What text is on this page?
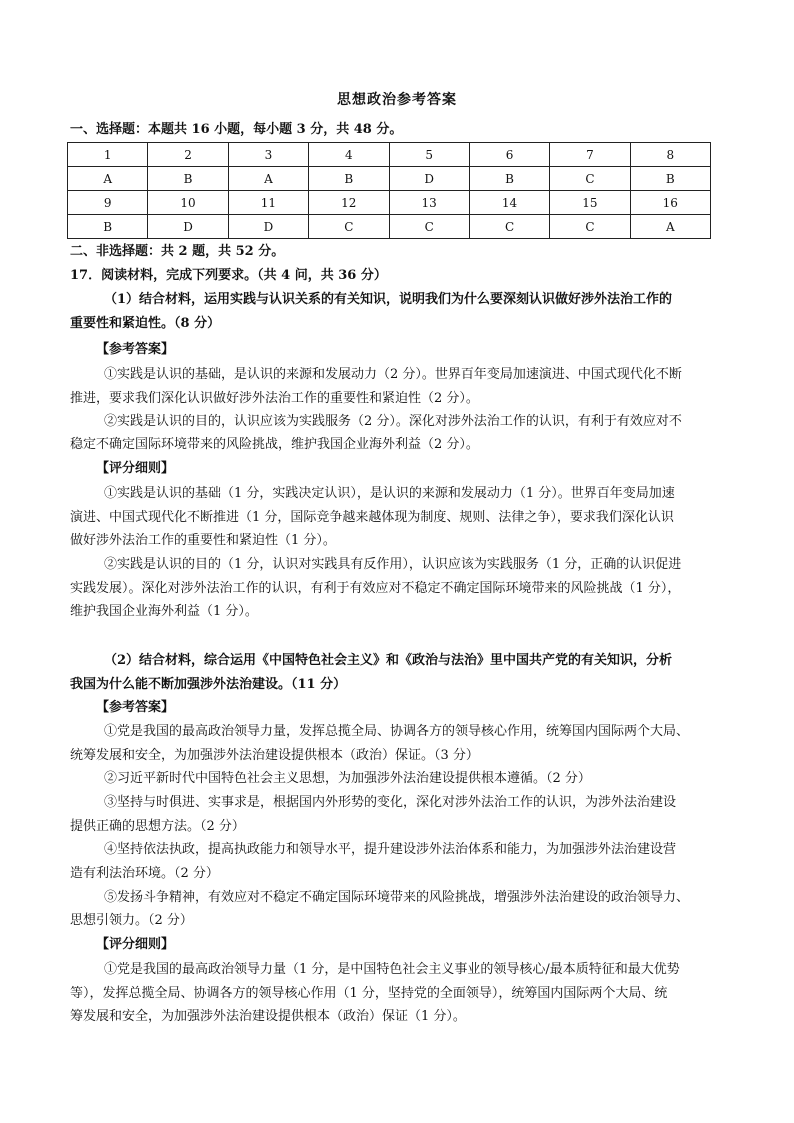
思想政治参考答案
一、选择题：本题共 16 小题，每小题 3 分，共 48 分。
1	2	3	4	5	6	7	8
A	B	A	B	D	B	C	B
9	10	11	12	13	14	15	16
B	D	D	C	C	C	C	A
二、非选择题：共 2 题，共 52 分。
17．阅读材料，完成下列要求。（共 4 问，共 36 分）
（1）结合材料，运用实践与认识关系的有关知识，说明我们为什么要深刻认识做好涉外法治工作的
重要性和紧迫性。（8 分）
【参考答案】
①实践是认识的基础，是认识的来源和发展动力（2 分）。世界百年变局加速演进、中国式现代化不断
推进，要求我们深化认识做好涉外法治工作的重要性和紧迫性（2 分）。
②实践是认识的目的，认识应该为实践服务（2 分）。深化对涉外法治工作的认识，有利于有效应对不
稳定不确定国际环境带来的风险挑战，维护我国企业海外利益（2 分）。
【评分细则】
①实践是认识的基础（1 分，实践决定认识），是认识的来源和发展动力（1 分）。世界百年变局加速
演进、中国式现代化不断推进（1 分，国际竞争越来越体现为制度、规则、法律之争），要求我们深化认识
做好涉外法治工作的重要性和紧迫性（1 分）。
②实践是认识的目的（1 分，认识对实践具有反作用），认识应该为实践服务（1 分，正确的认识促进
实践发展）。深化对涉外法治工作的认识，有利于有效应对不稳定不确定国际环境带来的风险挑战（1 分），
维护我国企业海外利益（1 分）。
（2）结合材料，综合运用《中国特色社会主义》和《政治与法治》里中国共产党的有关知识，分析
我国为什么能不断加强涉外法治建设。（11 分）
【参考答案】
①党是我国的最高政治领导力量，发挥总揽全局、协调各方的领导核心作用，统筹国内国际两个大局、
统筹发展和安全，为加强涉外法治建设提供根本（政治）保证。（3 分）
②习近平新时代中国特色社会主义思想，为加强涉外法治建设提供根本遵循。（2 分）
③坚持与时俱进、实事求是，根据国内外形势的变化，深化对涉外法治工作的认识，为涉外法治建设
提供正确的思想方法。（2 分）
④坚持依法执政，提高执政能力和领导水平，提升建设涉外法治体系和能力，为加强涉外法治建设营
造有利法治环境。（2 分）
⑤发扬斗争精神，有效应对不稳定不确定国际环境带来的风险挑战，增强涉外法治建设的政治领导力、
思想引领力。（2 分）
【评分细则】
①党是我国的最高政治领导力量（1 分，是中国特色社会主义事业的领导核心/最本质特征和最大优势
等），发挥总揽全局、协调各方的领导核心作用（1 分，坚持党的全面领导），统筹国内国际两个大局、统
筹发展和安全，为加强涉外法治建设提供根本（政治）保证（1 分）。
